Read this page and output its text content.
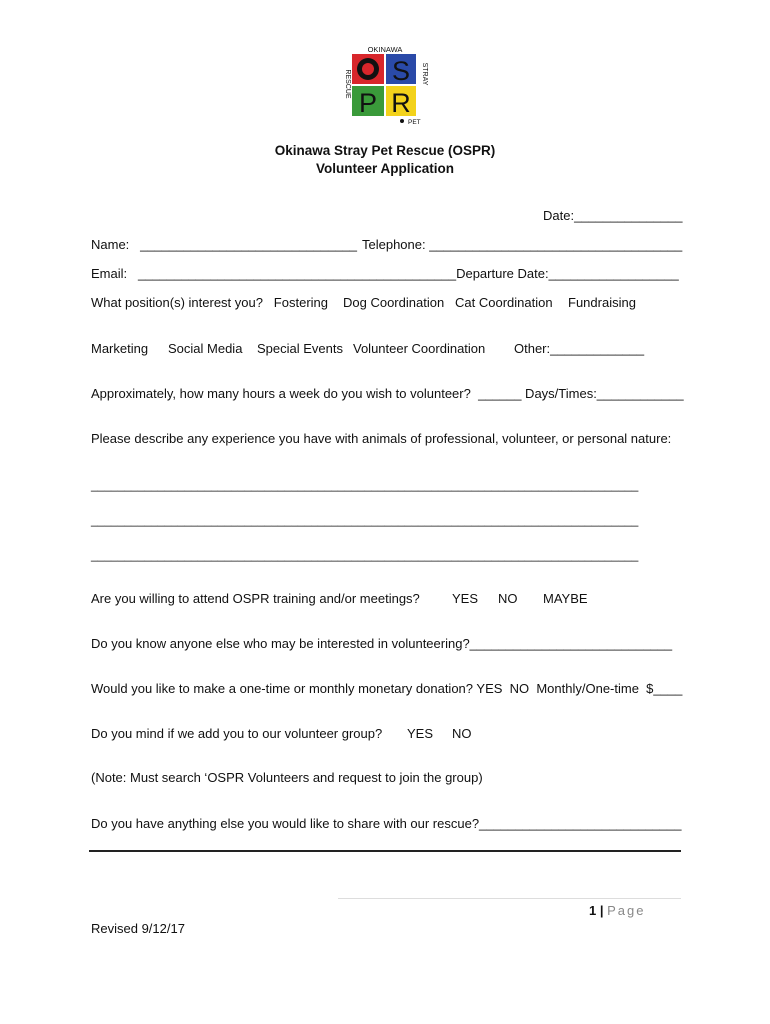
OKINAWA
S
P R
RESCUE	STRAY
PET
Okinawa Stray Pet Rescue (OSPR)
Volunteer Application
Date:_______________
Name:   ______________________________ Telephone: ___________________________________
Email:   ____________________________________________Departure Date:__________________
What position(s) interest you?   Fostering Dog Coordination Cat Coordination Fundraising
Marketing Social Media Special Events Volunteer Coordination Other:_____________
Approximately, how many hours a week do you wish to volunteer?  ______ Days/Times:____________
Please describe any experience you have with animals of professional, volunteer, or personal nature:
__________________________________________________________________________________
__________________________________________________________________________________
__________________________________________________________________________________
Are you willing to attend OSPR training and/or meetings? YES NO MAYBE
Do you know anyone else who may be interested in volunteering?____________________________
Would you like to make a one-time or monthly monetary donation? YES  NO  Monthly/One-time  $____
Do you mind if we add you to our volunteer group? YES NO
(Note: Must search ‘OSPR Volunteers and request to join the group)
Do you have anything else you would like to share with our rescue?____________________________
1 | Page
Revised 9/12/17
